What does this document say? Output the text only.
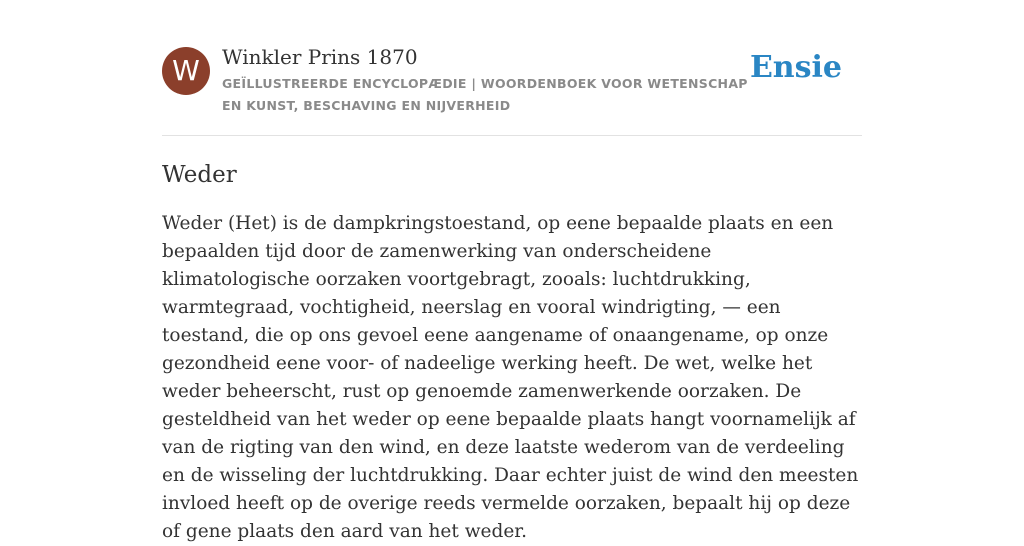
W	Winkler Prins 1870
GEÏLLUSTREERDE ENCYCLOPÆDIE | WOORDENBOEK VOOR WETENSCHAP EN KUNST, BESCHAVING EN NIJVERHEID
Ensie
Weder

Weder (Het) is de dampkringstoestand, op eene bepaalde plaats en een bepaalden tijd door de zamenwerking van onderscheidene klimatologische oorzaken voortgebragt, zooals: luchtdrukking, warmtegraad, vochtigheid, neerslag en vooral windrigting, — een toestand, die op ons gevoel eene aangename of onaangename, op onze gezondheid eene voor- of nadeelige werking heeft. De wet, welke het weder beheerscht, rust op genoemde zamenwerkende oorzaken. De gesteldheid van het weder op eene bepaalde plaats hangt voornamelijk af van de rigting van den wind, en deze laatste wederom van de verdeeling en de wisseling der luchtdrukking. Daar echter juist de wind den meesten invloed heeft op de overige reeds vermelde oorzaken, bepaalt hij op deze of gene plaats den aard van het weder.
